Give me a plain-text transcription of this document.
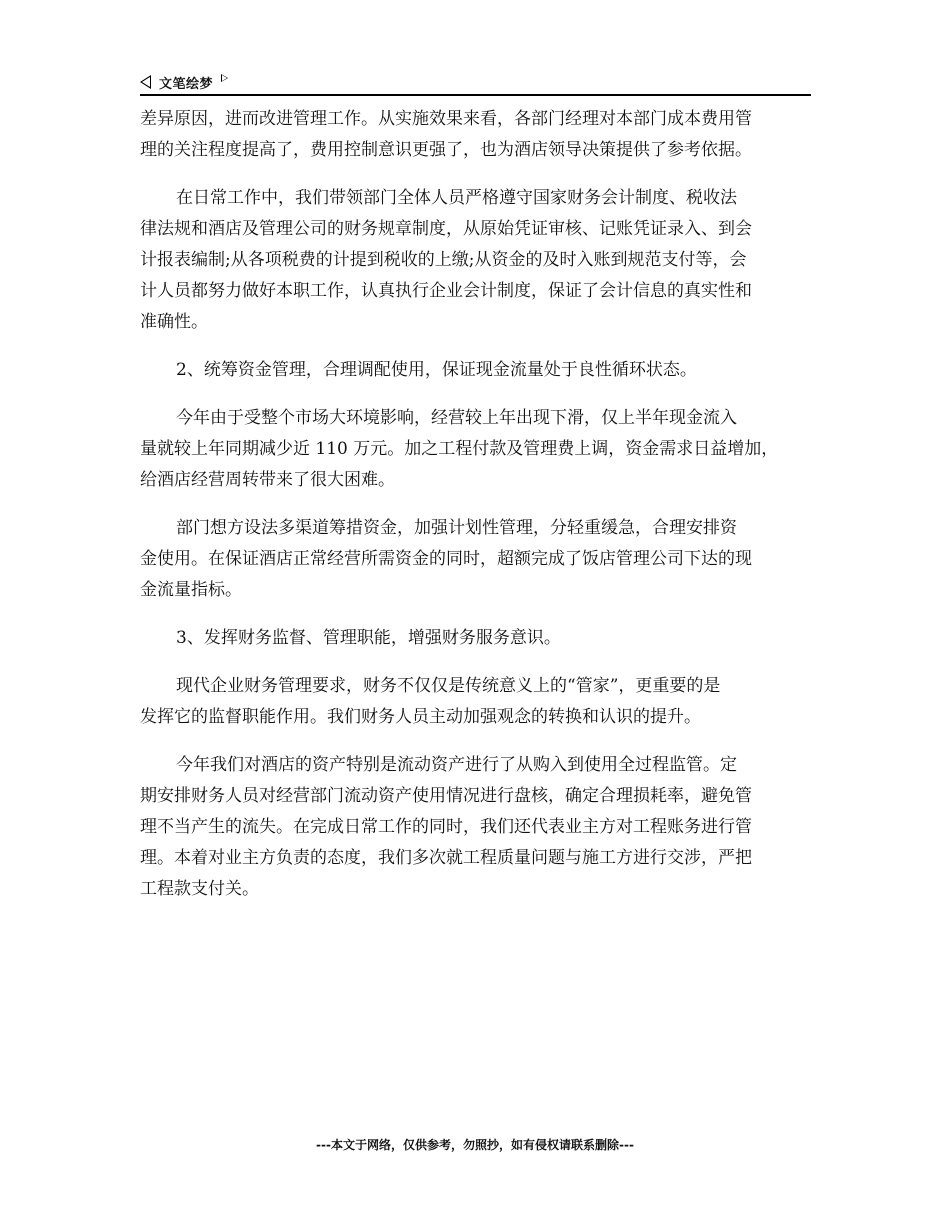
文笔绘梦
差异原因，进而改进管理工作。从实施效果来看，各部门经理对本部门成本费用管
理的关注程度提高了，费用控制意识更强了，也为酒店领导决策提供了参考依据。
在日常工作中，我们带领部门全体人员严格遵守国家财务会计制度、税收法
律法规和酒店及管理公司的财务规章制度，从原始凭证审核、记账凭证录入、到会
计报表编制;从各项税费的计提到税收的上缴;从资金的及时入账到规范支付等，会
计人员都努力做好本职工作，认真执行企业会计制度，保证了会计信息的真实性和
准确性。
2、统筹资金管理，合理调配使用，保证现金流量处于良性循环状态。
今年由于受整个市场大环境影响，经营较上年出现下滑，仅上半年现金流入
量就较上年同期减少近 110 万元。加之工程付款及管理费上调，资金需求日益增加，
给酒店经营周转带来了很大困难。
部门想方设法多渠道筹措资金，加强计划性管理，分轻重缓急，合理安排资
金使用。在保证酒店正常经营所需资金的同时，超额完成了饭店管理公司下达的现
金流量指标。
3、发挥财务监督、管理职能，增强财务服务意识。
现代企业财务管理要求，财务不仅仅是传统意义上的“管家”，更重要的是
发挥它的监督职能作用。我们财务人员主动加强观念的转换和认识的提升。
今年我们对酒店的资产特别是流动资产进行了从购入到使用全过程监管。定
期安排财务人员对经营部门流动资产使用情况进行盘核，确定合理损耗率，避免管
理不当产生的流失。在完成日常工作的同时，我们还代表业主方对工程账务进行管
理。本着对业主方负责的态度，我们多次就工程质量问题与施工方进行交涉，严把
工程款支付关。
---本文于网络，仅供参考，勿照抄，如有侵权请联系删除---
